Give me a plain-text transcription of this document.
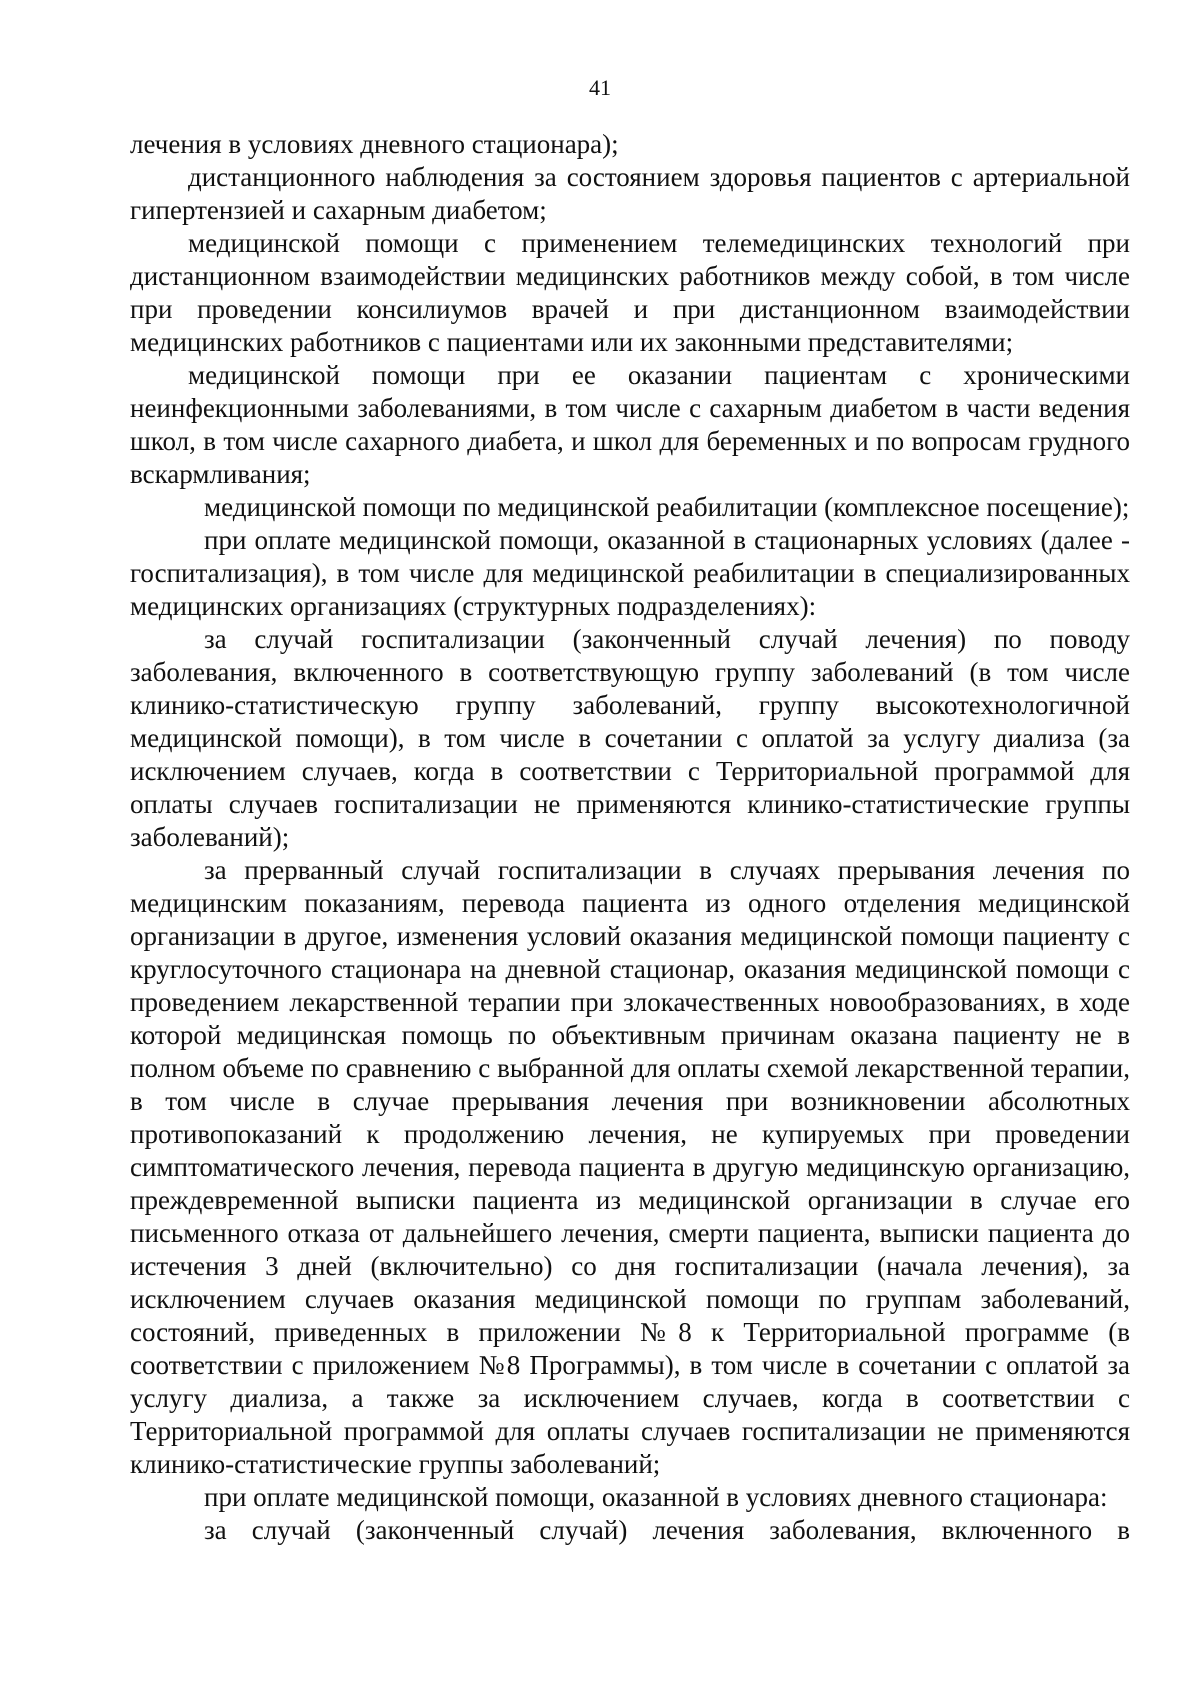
41

лечения в условиях дневного стационара);

дистанционного наблюдения за состоянием здоровья пациентов с артериальной гипертензией и сахарным диабетом;

медицинской помощи с применением телемедицинских технологий при дистанционном взаимодействии медицинских работников между собой, в том числе при проведении консилиумов врачей и при дистанционном взаимодействии медицинских работников с пациентами или их законными представителями;

медицинской помощи при ее оказании пациентам с хроническими неинфекционными заболеваниями, в том числе с сахарным диабетом в части ведения школ, в том числе сахарного диабета, и школ для беременных и по вопросам грудного вскармливания;

медицинской помощи по медицинской реабилитации (комплексное посещение);

при оплате медицинской помощи, оказанной в стационарных условиях (далее - госпитализация), в том числе для медицинской реабилитации в специализированных медицинских организациях (структурных подразделениях):

за случай госпитализации (законченный случай лечения) по поводу заболевания, включенного в соответствующую группу заболеваний (в том числе клинико-статистическую группу заболеваний, группу высокотехнологичной медицинской помощи), в том числе в сочетании с оплатой за услугу диализа (за исключением случаев, когда в соответствии с Территориальной программой для оплаты случаев госпитализации не применяются клинико-статистические группы заболеваний);

за прерванный случай госпитализации в случаях прерывания лечения по медицинским показаниям, перевода пациента из одного отделения медицинской организации в другое, изменения условий оказания медицинской помощи пациенту с круглосуточного стационара на дневной стационар, оказания медицинской помощи с проведением лекарственной терапии при злокачественных новообразованиях, в ходе которой медицинская помощь по объективным причинам оказана пациенту не в полном объеме по сравнению с выбранной для оплаты схемой лекарственной терапии, в том числе в случае прерывания лечения при возникновении абсолютных противопоказаний к продолжению лечения, не купируемых при проведении симптоматического лечения, перевода пациента в другую медицинскую организацию, преждевременной выписки пациента из медицинской организации в случае его письменного отказа от дальнейшего лечения, смерти пациента, выписки пациента до истечения 3 дней (включительно) со дня госпитализации (начала лечения), за исключением случаев оказания медицинской помощи по группам заболеваний, состояний, приведенных в приложении №8 к Территориальной программе (в соответствии с приложением №8 Программы), в том числе в сочетании с оплатой за услугу диализа, а также за исключением случаев, когда в соответствии с Территориальной программой для оплаты случаев госпитализации не применяются клинико-статистические группы заболеваний;

при оплате медицинской помощи, оказанной в условиях дневного стационара:

за случай (законченный случай) лечения заболевания, включенного в
